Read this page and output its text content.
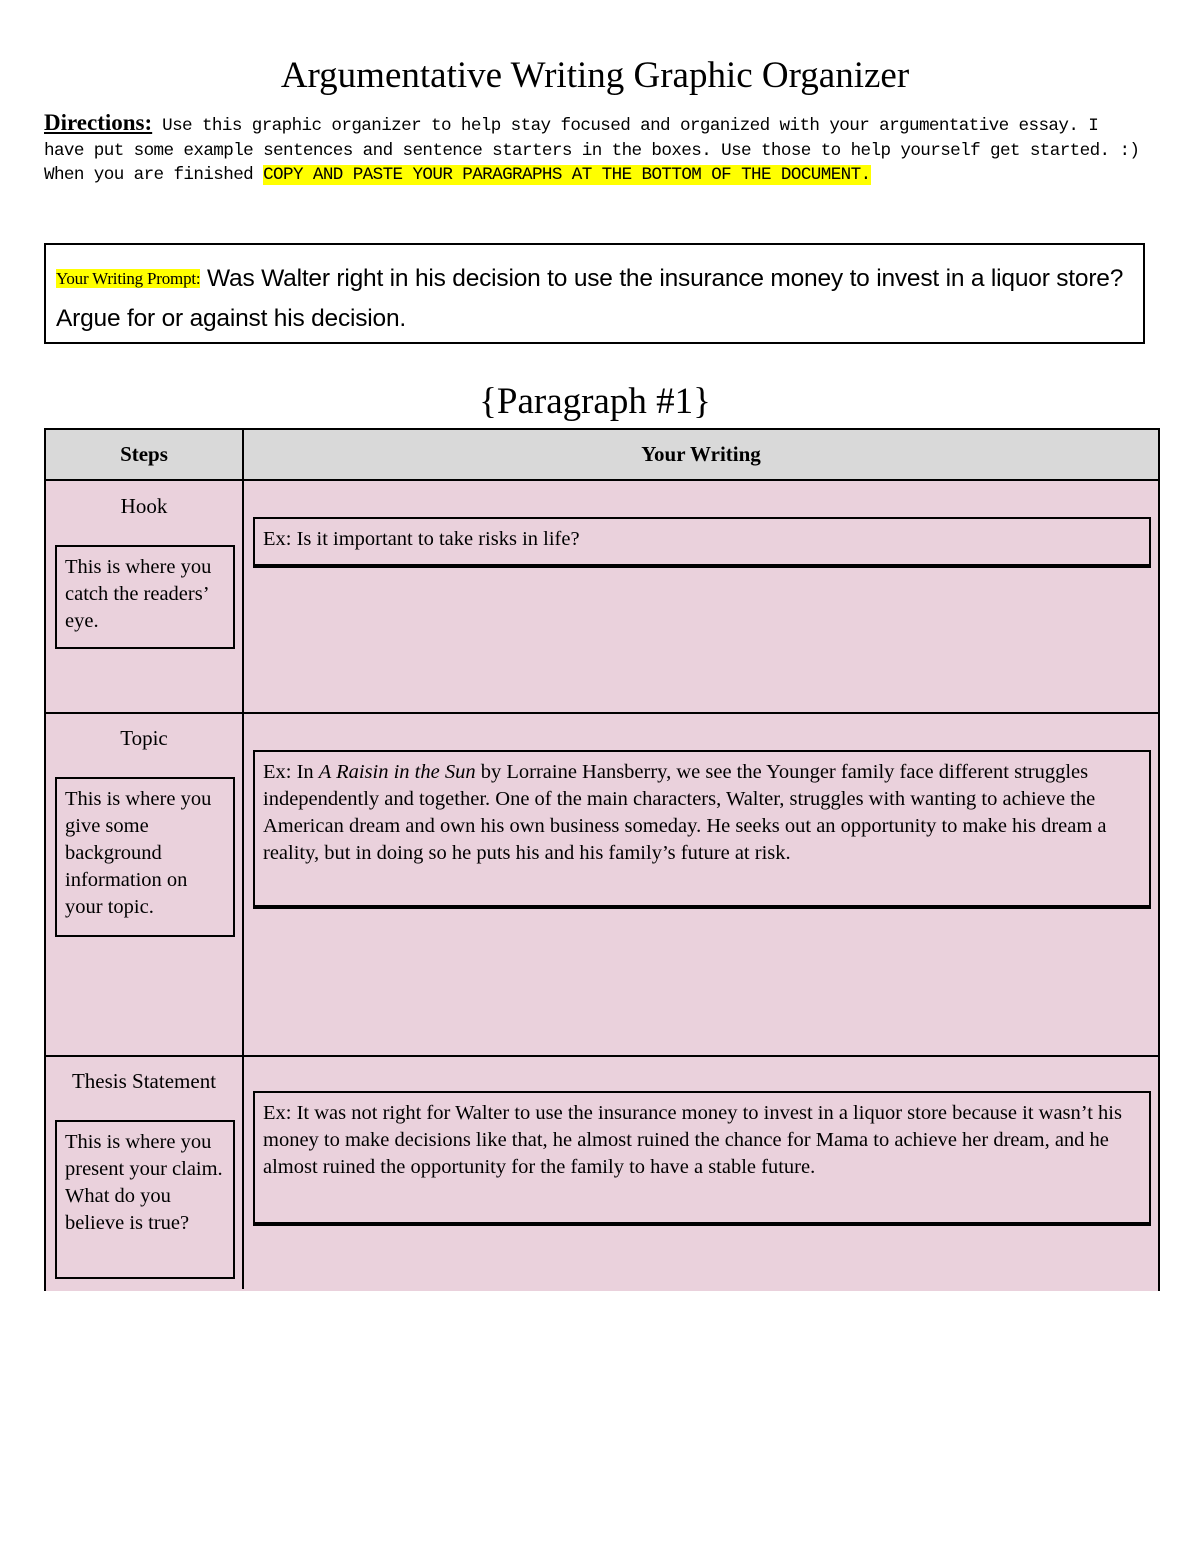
Argumentative Writing Graphic Organizer
Directions: Use this graphic organizer to help stay focused and organized with your argumentative essay. I have put some example sentences and sentence starters in the boxes. Use those to help yourself get started. :) When you are finished COPY AND PASTE YOUR PARAGRAPHS AT THE BOTTOM OF THE DOCUMENT.
Your Writing Prompt: Was Walter right in his decision to use the insurance money to invest in a liquor store? Argue for or against his decision.
{Paragraph #1}
Steps	Your Writing
Hook
This is where you catch the readers’ eye.
Ex: Is it important to take risks in life?
Topic
This is where you give some background information on your topic.
Ex: In A Raisin in the Sun by Lorraine Hansberry, we see the Younger family face different struggles independently and together. One of the main characters, Walter, struggles with wanting to achieve the American dream and own his own business someday. He seeks out an opportunity to make his dream a reality, but in doing so he puts his and his family’s future at risk.
Thesis Statement
This is where you present your claim. What do you believe is true?
Ex: It was not right for Walter to use the insurance money to invest in a liquor store because it wasn’t his money to make decisions like that, he almost ruined the chance for Mama to achieve her dream, and he almost ruined the opportunity for the family to have a stable future.
